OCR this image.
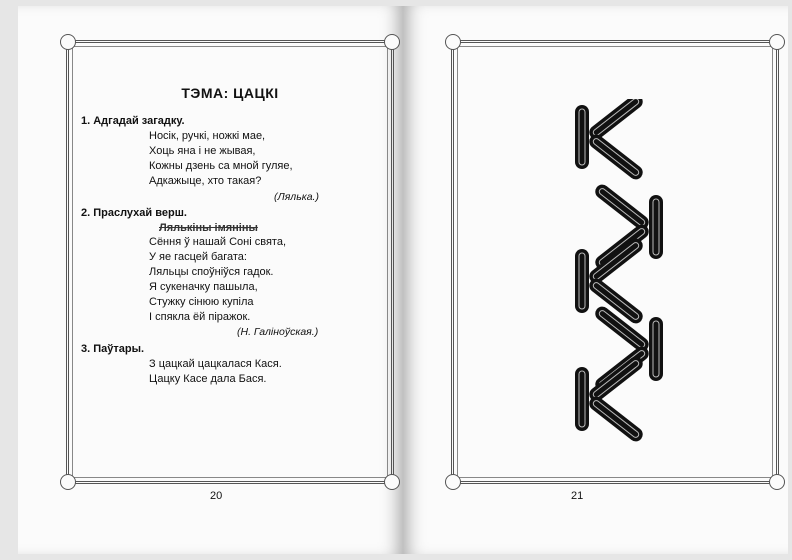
ТЭМА: ЦАЦКІ
1. Адгадай загадку.
Носік, ручкі, ножкі мае,
Хоць яна і не жывая,
Кожны дзень са мной гуляе,
Адкажыце, хто такая?
(Лялька.)
2. Праслухай верш.
Лялькiны iмянiны
Сёння ў нашай Соні свята,
У яе гасцей багата:
Ляльцы споўніўся гадок.
Я сукеначку пашыла,
Стужку сінюю купіла
І спякла ёй піражок.
(Н. Галіноўская.)
3. Паўтары.
З цацкай цацкалася Кася.
Цацку Касе дала Бася.
20	21
